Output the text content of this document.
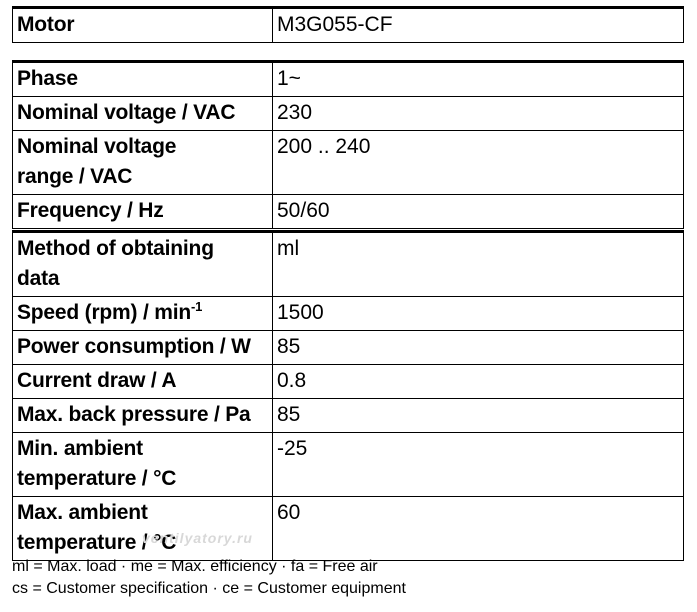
Motor	M3G055-CF
Phase	1~
Nominal voltage / VAC	230
Nominal voltage
range / VAC	200 .. 240
Frequency / Hz	50/60
Method of obtaining
data	ml
Speed $(rpm) / \min^{-1}$	1500
Power consumption / W	85
Current draw / A	0.8
Max. back pressure / Pa	85
Min. ambient
temperature / °C	-25
Max. ambient
temperature / °C	60
ventilyatory.ru
ml = Max. load · me = Max. efficiency · fa = Free air
cs = Customer specification · ce = Customer equipment
